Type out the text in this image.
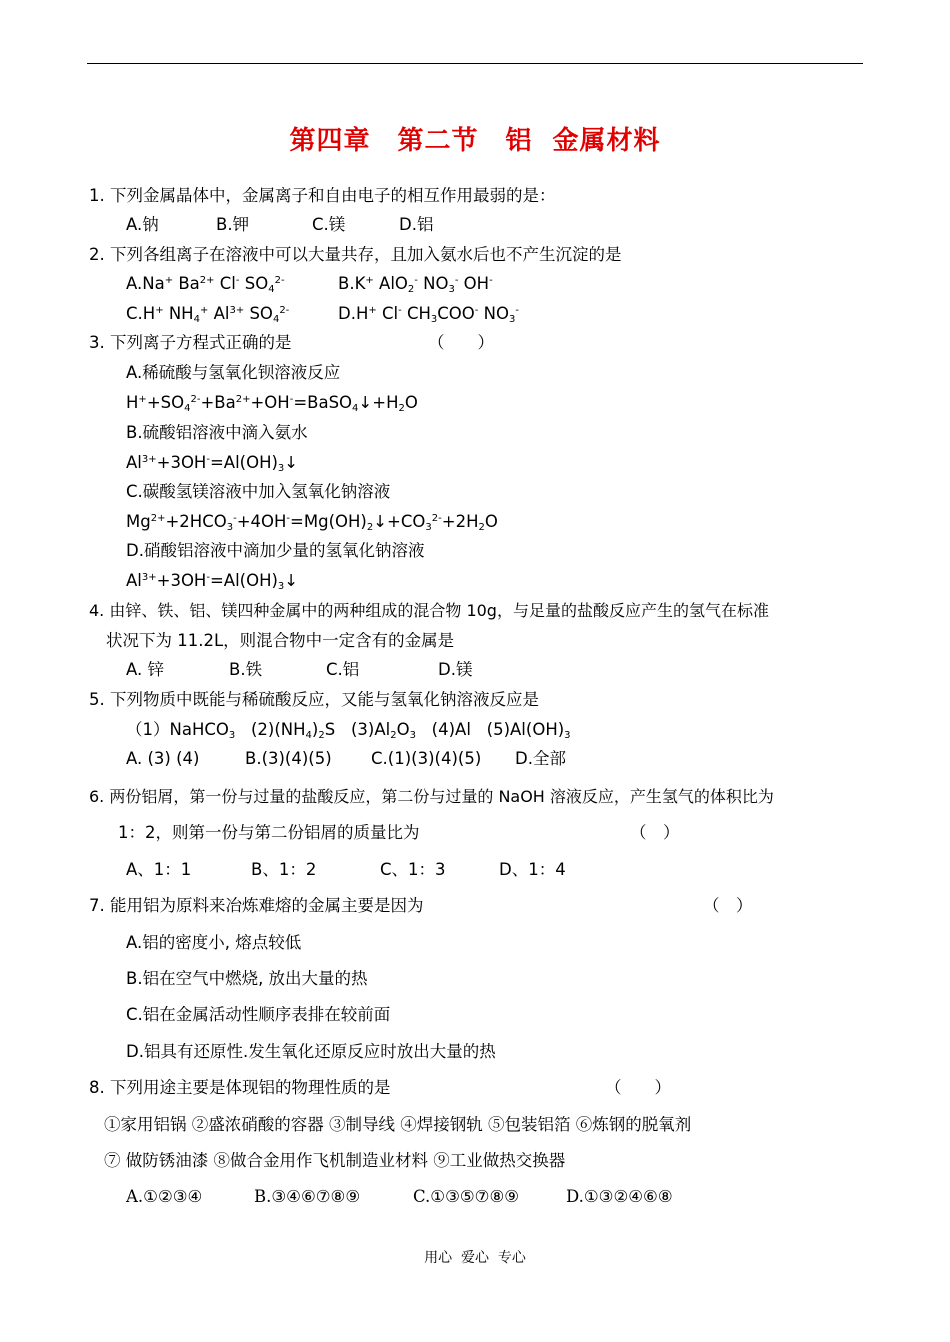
第四章　第二节　铝  金属材料
1. 下列金属晶体中，金属离子和自由电子的相互作用最弱的是：
A.钠	B.钾	C.镁	D.铝
2. 下列各组离子在溶液中可以大量共存，且加入氨水后也不产生沉淀的是
A.Na+ $Ba^{2+}$ Cl- $SO_4^{2-}$	B.K+ AlO$_2$- $NO_3^-$ OH-
C.H+ $NH_4^+$ $Al^{3+}$ $SO_4^{2-}$	D.H+ Cl- $CH_3COO^-$ $NO_3^-$
3. 下列离子方程式正确的是	（　　）
A.稀硫酸与氢氧化钡溶液反应
$H^++SO_4^{2-}+Ba^{2+}+OH^-=BaSO_4↓+H_2O$
B.硫酸铝溶液中滴入氨水
$Al^{3+}+3OH^-=Al(OH)_3↓$
C.碳酸氢镁溶液中加入氢氧化钠溶液
$Mg^{2+}+2HCO_3^-+4OH^-=Mg(OH)_2↓+CO_3^{2-}+2H_2O$
D.硝酸铝溶液中滴加少量的氢氧化钠溶液
$Al^{3+}+3OH^-=Al(OH)_3↓$
4. 由锌、铁、铝、镁四种金属中的两种组成的混合物 10g，与足量的盐酸反应产生的氢气在标准
状况下为 11.2L，则混合物中一定含有的金属是
A. 锌	B.铁	C.铝	D.镁
5. 下列物质中既能与稀硫酸反应，又能与氢氧化钠溶液反应是
（1）NaHCO$_3$   $(2)(NH_4)_2S$   $(3)Al_2O_3$   (4)Al   $(5)Al(OH)_3$
A. (3) (4)	B.(3)(4)(5) C.(1)(3)(4)(5) D.全部
6. 两份铝屑，第一份与过量的盐酸反应，第二份与过量的 NaOH 溶液反应，产生氢气的体积比为
1：2，则第一份与第二份铝屑的质量比为	（　）
A、1：1	B、1：2	C、1：3	D、1：4
7. 能用铝为原料来冶炼难熔的金属主要是因为	（　）
A.铝的密度小, 熔点较低
B.铝在空气中燃烧, 放出大量的热
C.铝在金属活动性顺序表排在较前面
D.铝具有还原性.发生氧化还原反应时放出大量的热
8. 下列用途主要是体现铝的物理性质的是	（　　）
①家用铝锅 ②盛浓硝酸的容器 ③制导线 ④焊接钢轨 ⑤包装铝箔 ⑥炼钢的脱氧剂
⑦ 做防锈油漆 ⑧做合金用作飞机制造业材料 ⑨工业做热交换器
A.①②③④	B.③④⑥⑦⑧⑨	C.①③⑤⑦⑧⑨	D.①③②④⑥⑧
用心  爱心  专心
